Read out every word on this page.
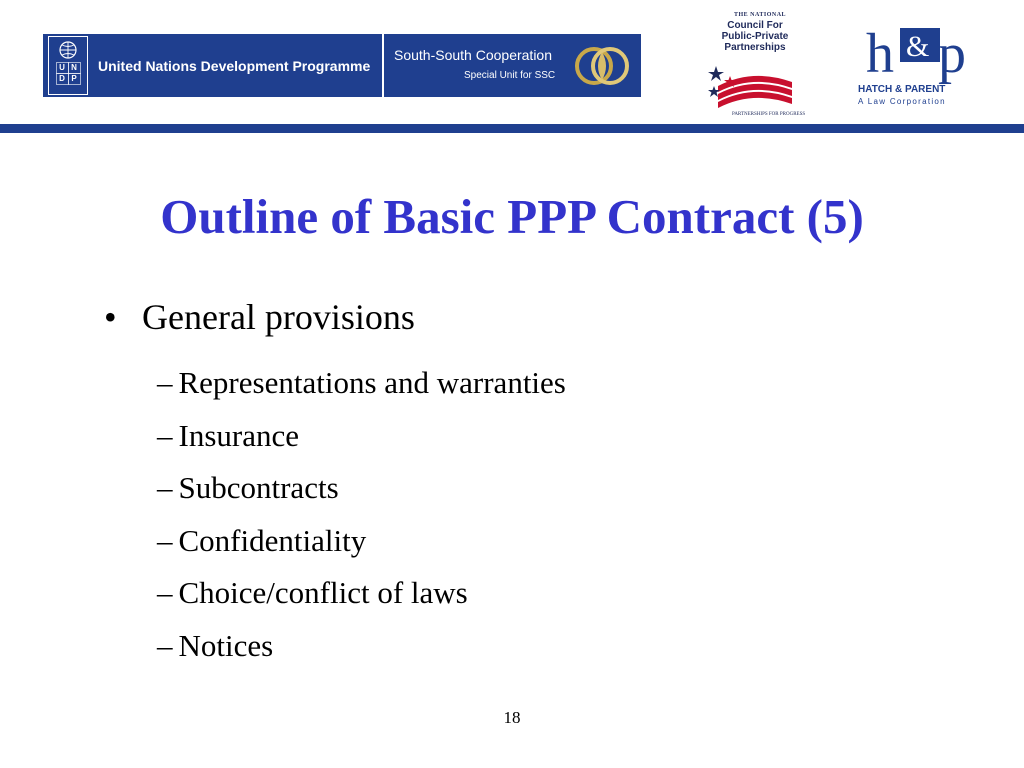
U N
D P
United Nations Development Programme
South-South Cooperation
Special Unit for SSC
THE NATIONAL
Council For Public-Private Partnerships
PARTNERSHIPS FOR PROGRESS
h & p
HATCH & PARENT
A Law Corporation
Outline of Basic PPP Contract (5)
• General provisions
– Representations and warranties
– Insurance
– Subcontracts
– Confidentiality
– Choice/conflict of laws
– Notices
18
